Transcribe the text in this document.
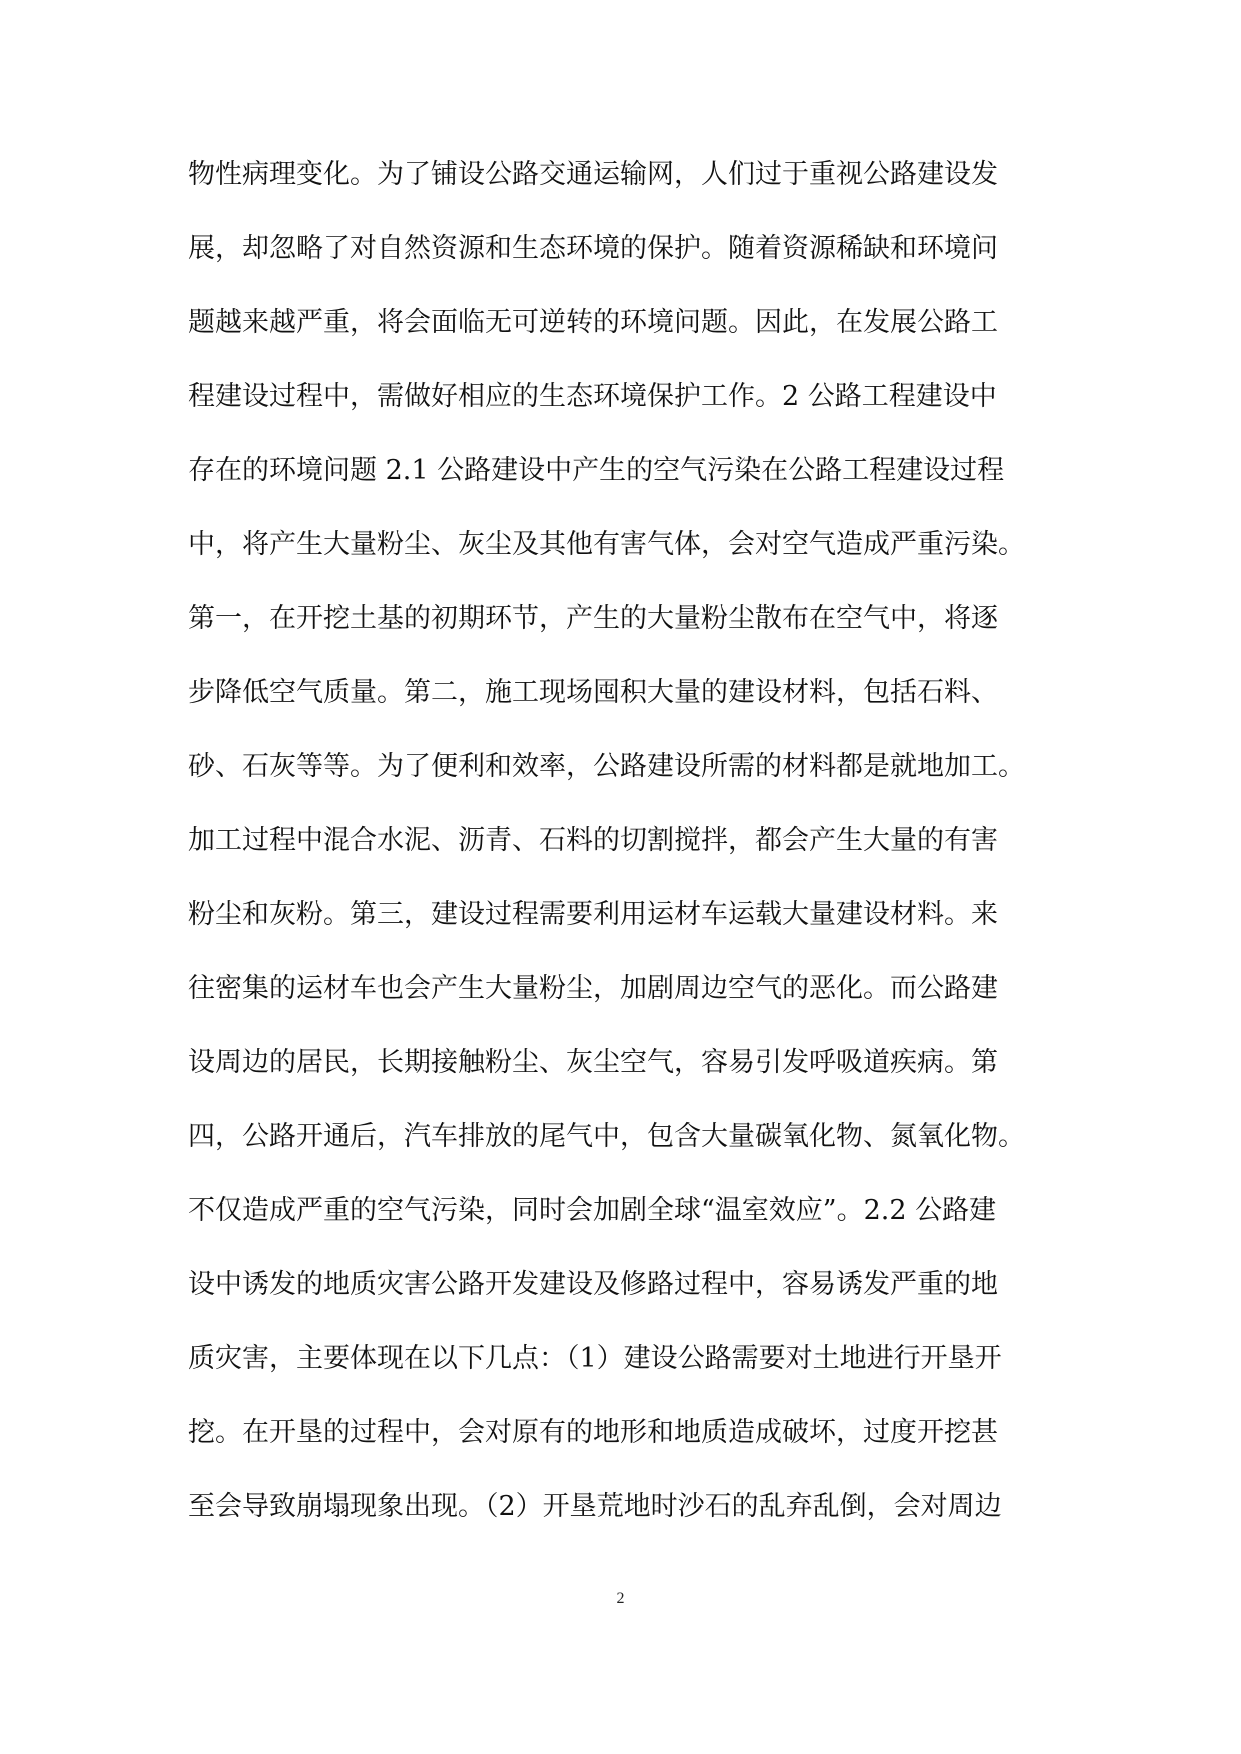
物性病理变化。为了铺设公路交通运输网，人们过于重视公路建设发
展，却忽略了对自然资源和生态环境的保护。随着资源稀缺和环境问
题越来越严重，将会面临无可逆转的环境问题。因此，在发展公路工
程建设过程中，需做好相应的生态环境保护工作。2 公路工程建设中
存在的环境问题 2.1 公路建设中产生的空气污染在公路工程建设过程
中，将产生大量粉尘、灰尘及其他有害气体，会对空气造成严重污染。
第一，在开挖土基的初期环节，产生的大量粉尘散布在空气中，将逐
步降低空气质量。第二，施工现场囤积大量的建设材料，包括石料、
砂、石灰等等。为了便利和效率，公路建设所需的材料都是就地加工。
加工过程中混合水泥、沥青、石料的切割搅拌，都会产生大量的有害
粉尘和灰粉。第三，建设过程需要利用运材车运载大量建设材料。来
往密集的运材车也会产生大量粉尘，加剧周边空气的恶化。而公路建
设周边的居民，长期接触粉尘、灰尘空气，容易引发呼吸道疾病。第
四，公路开通后，汽车排放的尾气中，包含大量碳氧化物、氮氧化物。
不仅造成严重的空气污染，同时会加剧全球“温室效应”。2.2 公路建
设中诱发的地质灾害公路开发建设及修路过程中，容易诱发严重的地
质灾害，主要体现在以下几点：（1）建设公路需要对土地进行开垦开
挖。在开垦的过程中，会对原有的地形和地质造成破坏，过度开挖甚
至会导致崩塌现象出现。（2）开垦荒地时沙石的乱弃乱倒，会对周边
2
